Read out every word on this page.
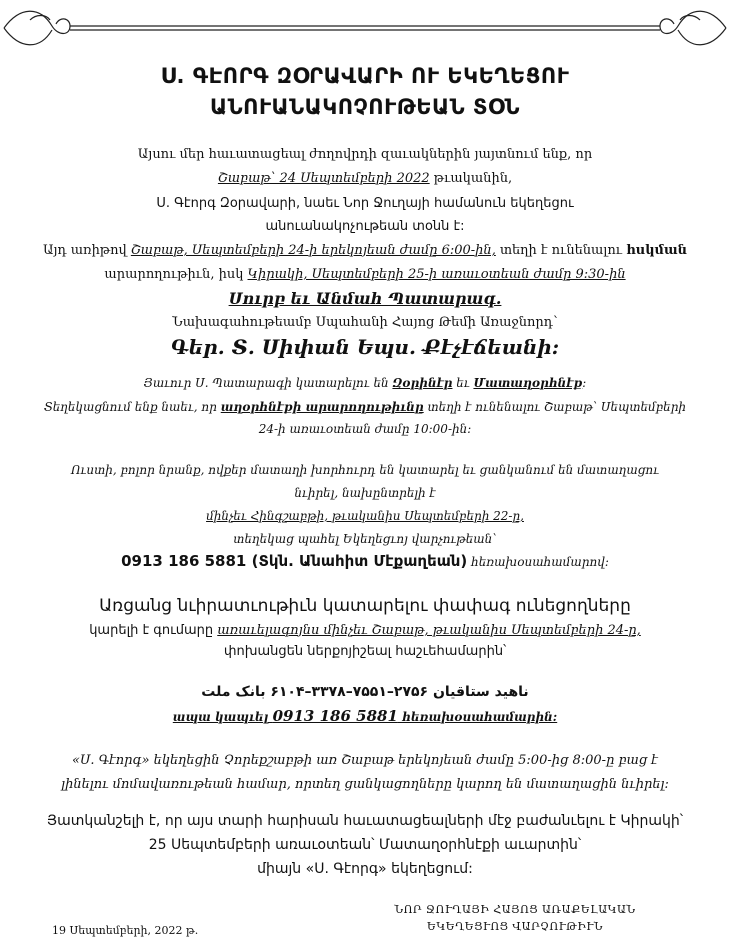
Ս. ԳԷՈՐԳ ԶՕՐԱՎԱՐԻ ՈՒ ԵԿԵՂԵՑՈՒ
ԱՆՈՒԱՆԱԿՈՉՈՒԹԵԱՆ ՏՕՆ
Այսու մեր հաւատացեալ ժողովրդի զաւակներին յայտնում ենք, որ
Շաբաթ՝ 24 Սեպտեմբերի 2022 թւականին,
Ս. Գէորգ Զօրավարի, նաեւ Նոր Ջուղայի համանուն եկեղեցու
անուանակոչութեան տօնն է:
Այդ առիթով Շաբաթ, Սեպտեմբերի 24-ի երեկոյեան ժամը 6:00-ին, տեղի է ունենալու հսկման
արարողութիւն, իսկ Կիրակի, Սեպտեմբերի 25-ի առաւօտեան ժամը 9:30-ին
Սուրբ եւ Անմահ Պատարագ.
Նախագահութեամբ Սպահանի Հայոց Թեմի Առաջնորդ՝
Գեր․ Տ․ Սիփան Եպս․ Քէչէճեանի:
Յաւուր Ս. Պատարագի կատարելու են Զօրինէր եւ Մատաղօրհնէք:
Տեղեկացնում ենք նաեւ, որ աղօրհնէքի արարողութիւնը տեղի է ունենալու Շաբաթ՝ Սեպտեմբերի
24-ի առաւօտեան ժամը 10:00-ին:
Ուստի, բոլոր նրանք, ովքեր մատաղի խորհուրդ են կատարել եւ ցանկանում են մատաղացու
նւիրել, նախընտրելի է
մինչեւ Հինգշաբթի, թւականիս Սեպտեմբերի 22-ը,
տեղեկաց պահել Եկեղեցւոյ վարչութեան՝
0913 186 5881 (Տկն. Անահիտ Մէքաղեան) հեռախօսահամարով:
Առցանց նւիրատւութիւն կատարելու փափագ ունեցողները
կարելի է գումարը առաւելագոյնս մինչեւ Շաբաթ, թւականիս Սեպտեմբերի 24-ը,
փոխանցեն ներքոյիշեալ հաշւեհամարին՝
ناهید ستاقیان ۲۷۵۶–۷۵۵۱–۳۳۷۸–۶۱۰۴ بانک ملت
ապա կապւել 0913 186 5881 հեռախօսահամարին:
«Ս. Գէորգ» եկեղեցին Չորեքշաբթի առ Շաբաթ երեկոյեան ժամը 5:00-ից 8:00-ը բաց է
լինելու մոմավառութեան համար, որտեղ ցանկացողները կարող են մատաղացին նւիրել:
Յատկանշելի է, որ այս տարի հարիսան հաւատացեալների մէջ բաժանւելու է Կիրակի՝
25 Սեպտեմբերի առաւօտեան՝ Մատաղօրհնէքի աւարտին՝
միայն «Ս. Գէորգ» եկեղեցում:
19 Սեպտեմբերի, 2022 թ.
ՆՈՐ ՋՈՒՂԱՅԻ ՀԱՅՈՑ ԱՌԱՔԵԼԱԿԱՆ
ԵԿԵՂԵՑՒՈՑ ՎԱՐՉՈՒԹԻՒՆ
